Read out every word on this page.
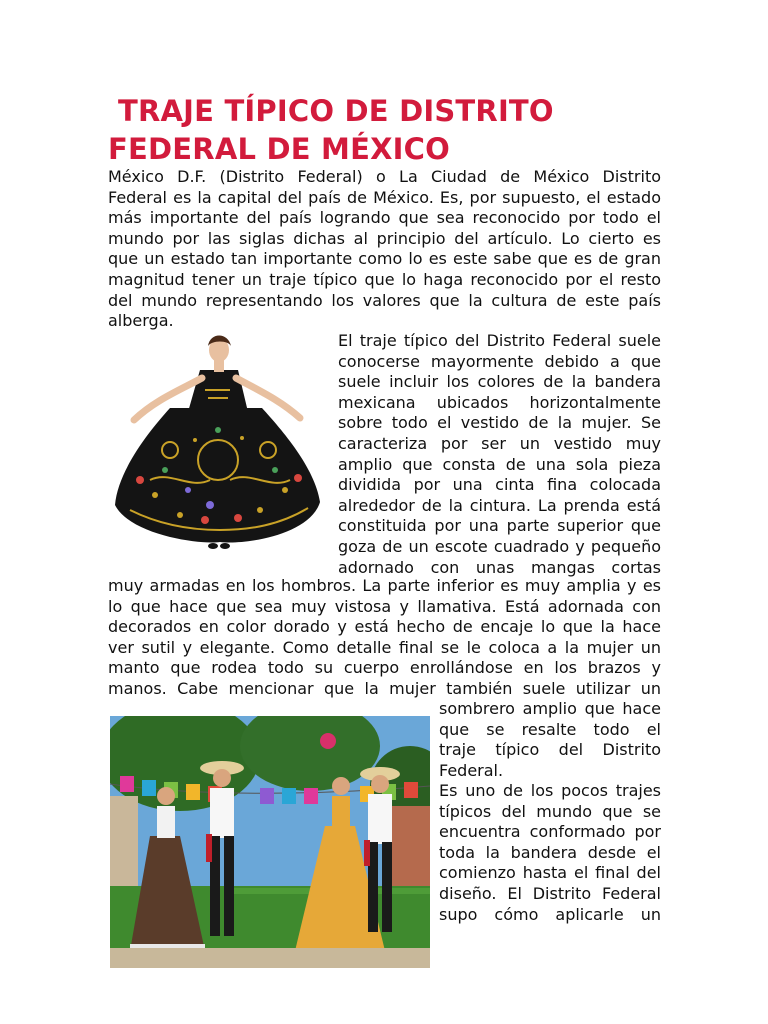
TRAJE TÍPICO DE DISTRITO
FEDERAL DE MÉXICO
México D.F. (Distrito Federal) o La Ciudad de México Distrito
Federal es la capital del país de México. Es, por supuesto, el estado
más importante del país logrando que sea reconocido por todo el
mundo por las siglas dichas al principio del artículo. Lo cierto es
que un estado tan importante como lo es este sabe que es de gran
magnitud tener un traje típico que lo haga reconocido por el resto
del mundo representando los valores que la cultura de este país
alberga.
El traje típico del Distrito Federal suele
conocerse mayormente debido a que
suele incluir los colores de la bandera
mexicana ubicados horizontalmente
sobre todo el vestido de la mujer. Se
caracteriza por ser un vestido muy
amplio que consta de una sola pieza
dividida por una cinta fina colocada
alrededor de la cintura. La prenda está
constituida por una parte superior que
goza de un escote cuadrado y pequeño
adornado con unas mangas cortas
muy armadas en los hombros. La parte inferior es muy amplia y es
lo que hace que sea muy vistosa y llamativa. Está adornada con
decorados en color dorado y está hecho de encaje lo que la hace
ver sutil y elegante. Como detalle final se le coloca a la mujer un
manto que rodea todo su cuerpo enrollándose en los brazos y
manos. Cabe mencionar que la mujer también suele utilizar un
sombrero amplio que hace
que se resalte todo el
traje típico del Distrito
Federal.
Es uno de los pocos trajes
típicos del mundo que se
encuentra conformado por
toda la bandera desde el
comienzo hasta el final del
diseño. El Distrito Federal
supo cómo aplicarle un
